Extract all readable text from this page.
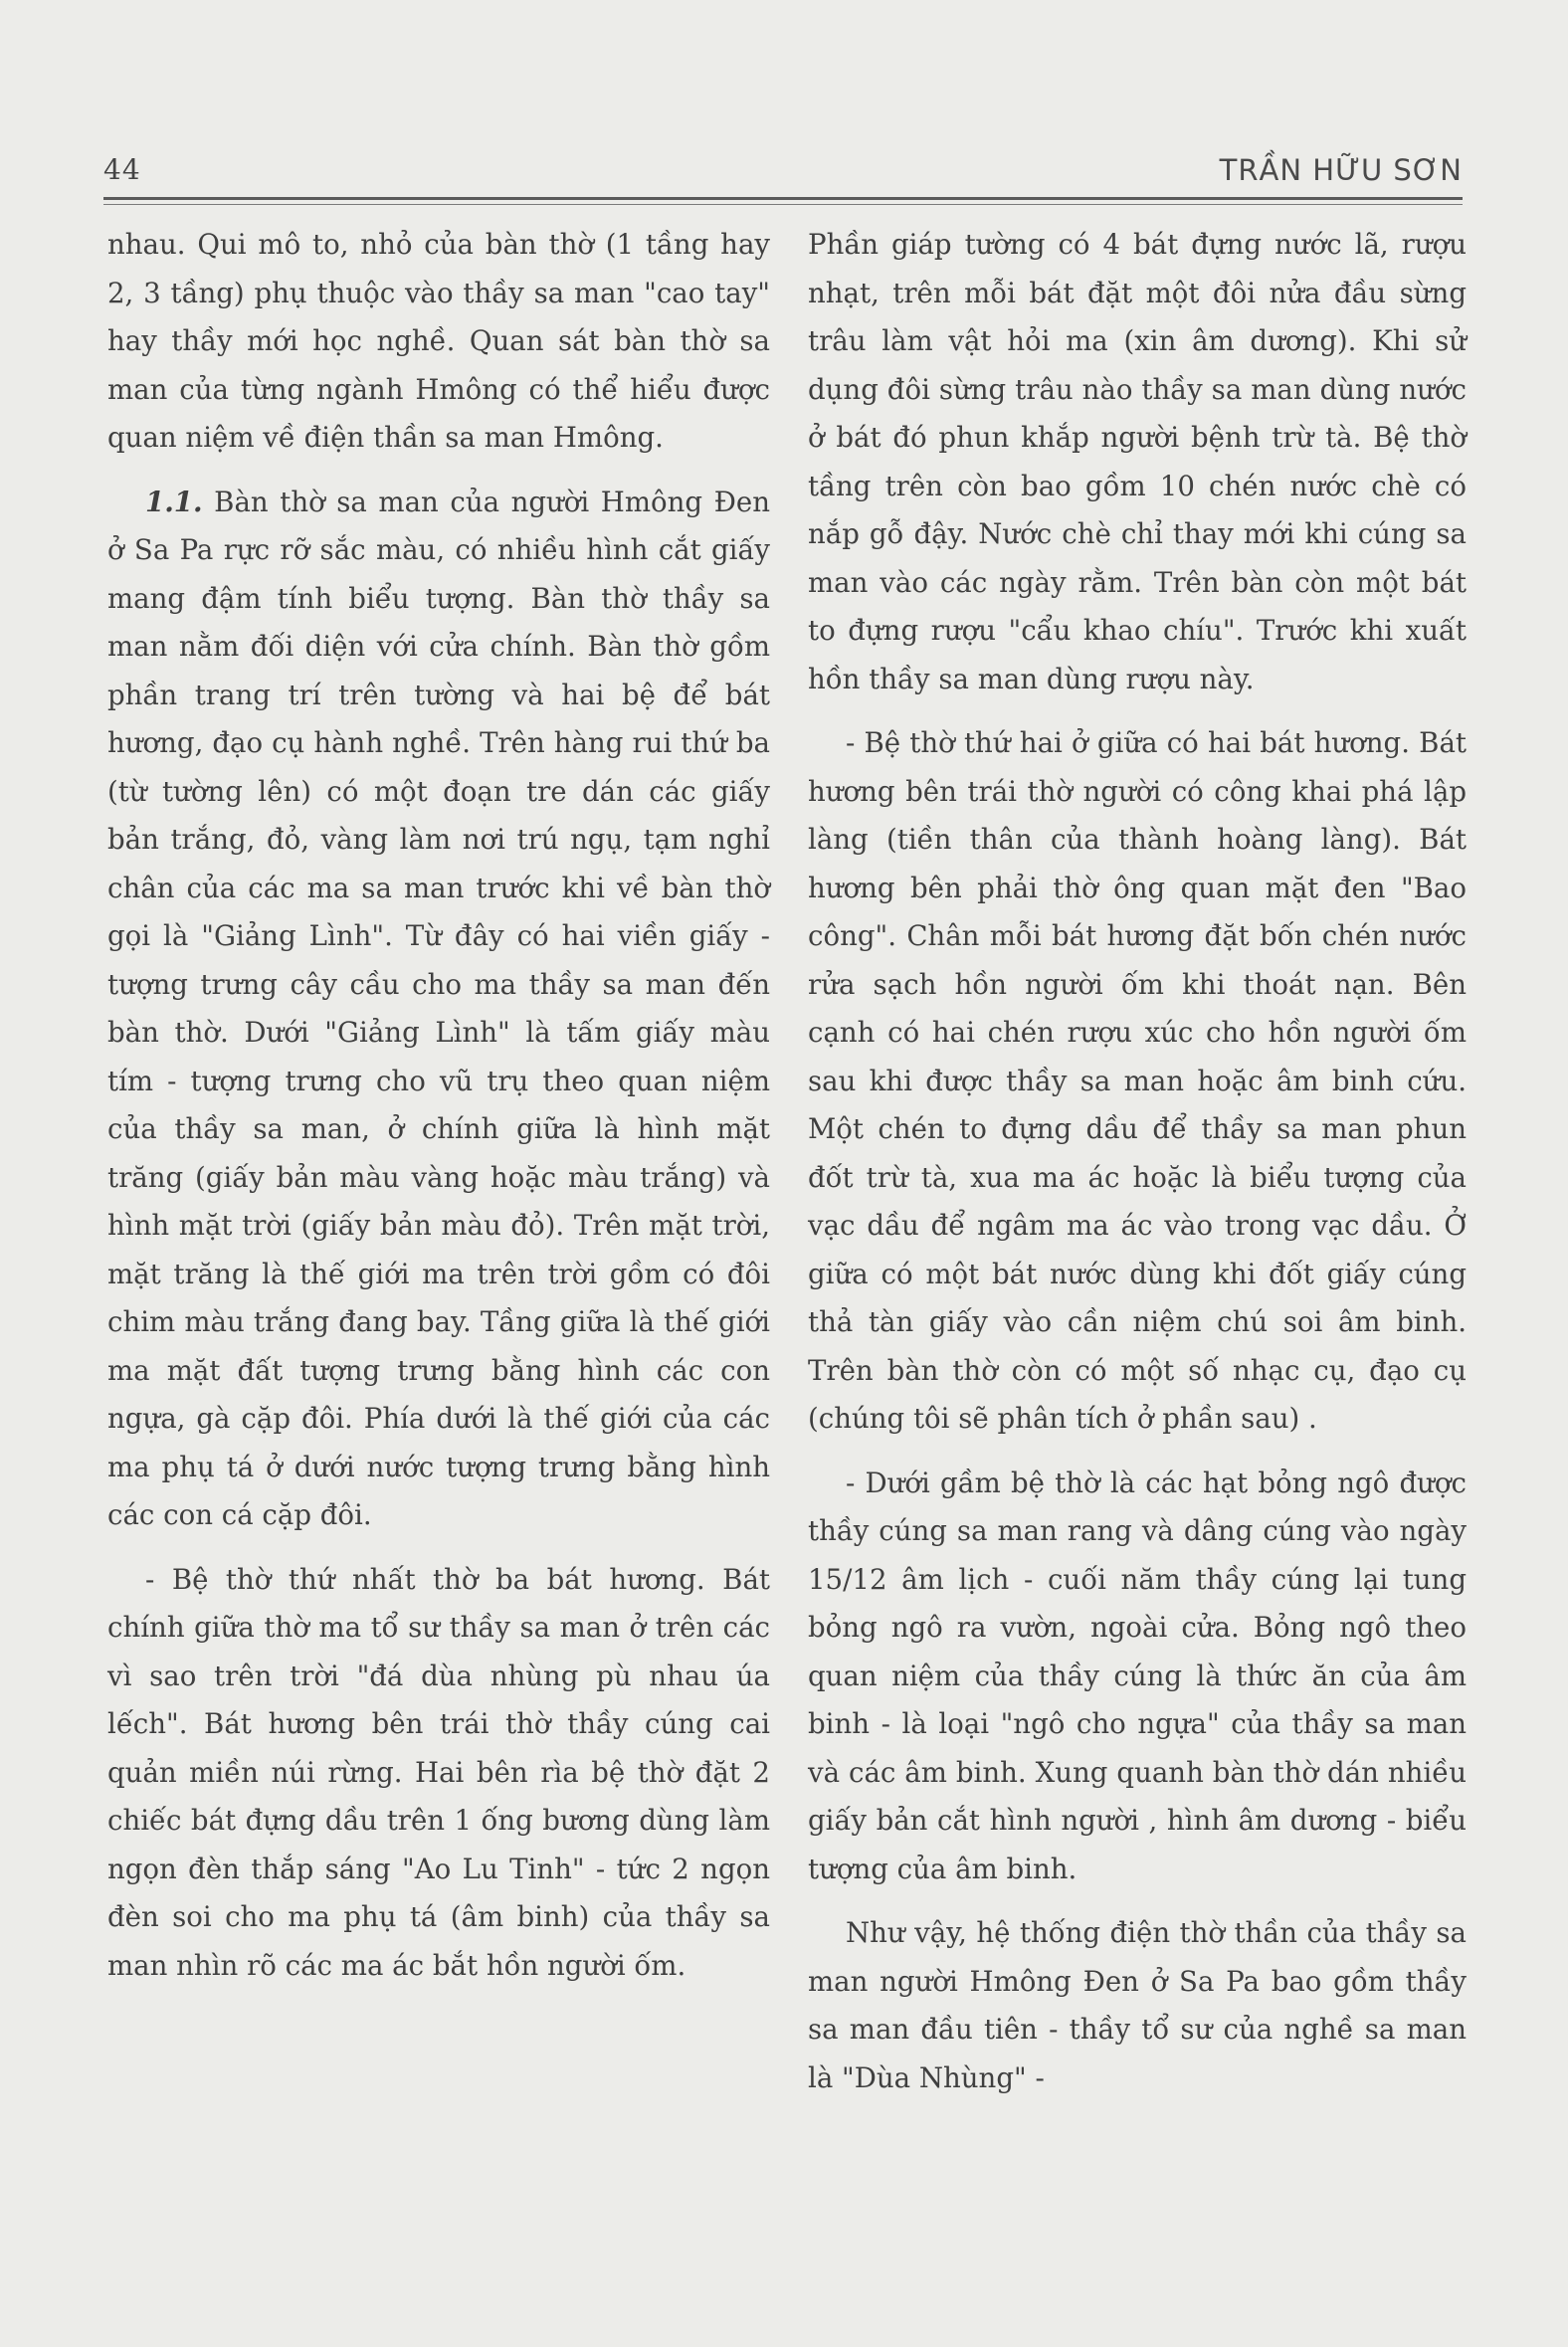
44	TRẦN HỮU SƠN

nhau. Qui mô to, nhỏ của bàn thờ (1 tầng hay 2, 3 tầng) phụ thuộc vào thầy sa man "cao tay" hay thầy mới học nghề. Quan sát bàn thờ sa man của từng ngành Hmông có thể hiểu được quan niệm về điện thần sa man Hmông.

1.1. Bàn thờ sa man của người Hmông Đen ở Sa Pa rực rỡ sắc màu, có nhiều hình cắt giấy mang đậm tính biểu tượng. Bàn thờ thầy sa man nằm đối diện với cửa chính. Bàn thờ gồm phần trang trí trên tường và hai bệ để bát hương, đạo cụ hành nghề. Trên hàng rui thứ ba (từ tường lên) có một đoạn tre dán các giấy bản trắng, đỏ, vàng làm nơi trú ngụ, tạm nghỉ chân của các ma sa man trước khi về bàn thờ gọi là "Giảng Lình". Từ đây có hai viền giấy - tượng trưng cây cầu cho ma thầy sa man đến bàn thờ. Dưới "Giảng Lình" là tấm giấy màu tím - tượng trưng cho vũ trụ theo quan niệm của thầy sa man, ở chính giữa là hình mặt trăng (giấy bản màu vàng hoặc màu trắng) và hình mặt trời (giấy bản màu đỏ). Trên mặt trời, mặt trăng là thế giới ma trên trời gồm có đôi chim màu trắng đang bay. Tầng giữa là thế giới ma mặt đất tượng trưng bằng hình các con ngựa, gà cặp đôi. Phía dưới là thế giới của các ma phụ tá ở dưới nước tượng trưng bằng hình các con cá cặp đôi.

- Bệ thờ thứ nhất thờ ba bát hương. Bát chính giữa thờ ma tổ sư thầy sa man ở trên các vì sao trên trời "đá dùa nhùng pù nhau úa lếch". Bát hương bên trái thờ thầy cúng cai quản miền núi rừng. Hai bên rìa bệ thờ đặt 2 chiếc bát đựng dầu trên 1 ống bương dùng làm ngọn đèn thắp sáng "Ao Lu Tinh" - tức 2 ngọn đèn soi cho ma phụ tá (âm binh) của thầy sa man nhìn rõ các ma ác bắt hồn người ốm.

Phần giáp tường có 4 bát đựng nước lã, rượu nhạt, trên mỗi bát đặt một đôi nửa đầu sừng trâu làm vật hỏi ma (xin âm dương). Khi sử dụng đôi sừng trâu nào thầy sa man dùng nước ở bát đó phun khắp người bệnh trừ tà. Bệ thờ tầng trên còn bao gồm 10 chén nước chè có nắp gỗ đậy. Nước chè chỉ thay mới khi cúng sa man vào các ngày rằm. Trên bàn còn một bát to đựng rượu "cẩu khao chíu". Trước khi xuất hồn thầy sa man dùng rượu này.

- Bệ thờ thứ hai ở giữa có hai bát hương. Bát hương bên trái thờ người có công khai phá lập làng (tiền thân của thành hoàng làng). Bát hương bên phải thờ ông quan mặt đen "Bao công". Chân mỗi bát hương đặt bốn chén nước rửa sạch hồn người ốm khi thoát nạn. Bên cạnh có hai chén rượu xúc cho hồn người ốm sau khi được thầy sa man hoặc âm binh cứu. Một chén to đựng dầu để thầy sa man phun đốt trừ tà, xua ma ác hoặc là biểu tượng của vạc dầu để ngâm ma ác vào trong vạc dầu. Ở giữa có một bát nước dùng khi đốt giấy cúng thả tàn giấy vào cần niệm chú soi âm binh. Trên bàn thờ còn có một số nhạc cụ, đạo cụ (chúng tôi sẽ phân tích ở phần sau) .

- Dưới gầm bệ thờ là các hạt bỏng ngô được thầy cúng sa man rang và dâng cúng vào ngày 15/12 âm lịch - cuối năm thầy cúng lại tung bỏng ngô ra vườn, ngoài cửa. Bỏng ngô theo quan niệm của thầy cúng là thức ăn của âm binh - là loại "ngô cho ngựa" của thầy sa man và các âm binh. Xung quanh bàn thờ dán nhiều giấy bản cắt hình người , hình âm dương - biểu tượng của âm binh.

Như vậy, hệ thống điện thờ thần của thầy sa man người Hmông Đen ở Sa Pa bao gồm thầy sa man đầu tiên - thầy tổ sư của nghề sa man là "Dùa Nhùng" -
